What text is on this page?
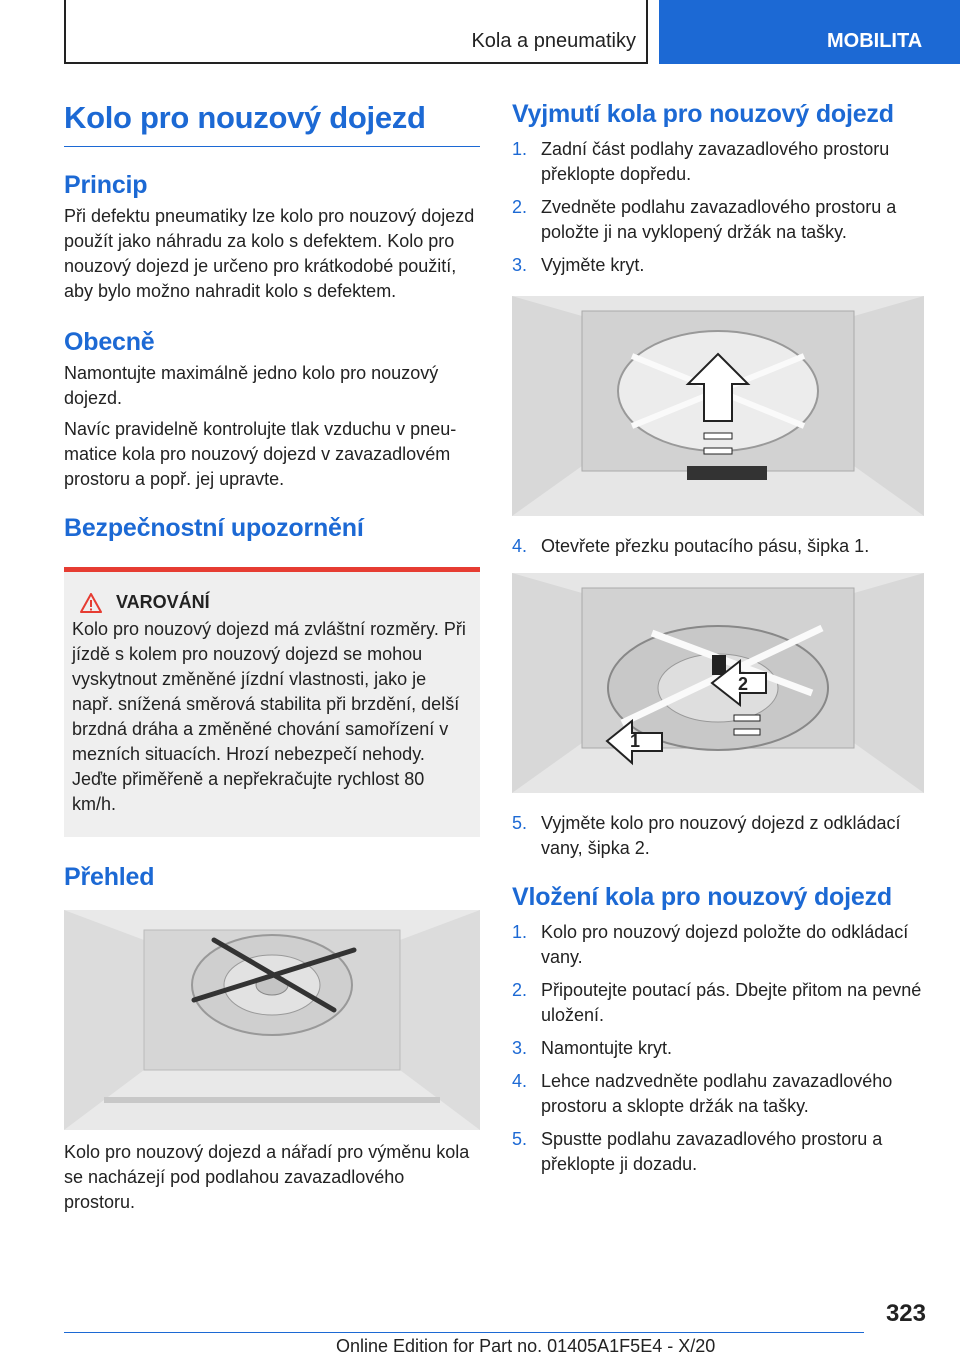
Kola a pneumatiky	MOBILITA
Kolo pro nouzový dojezd
Princip

Při defektu pneumatiky lze kolo pro nouzový dojezd použít jako náhradu za kolo s defektem. Kolo pro nouzový dojezd je určeno pro krátkodobé použití, aby bylo možno nahradit kolo s defektem.

Obecně

Namontujte maximálně jedno kolo pro nouzový dojezd.

Navíc pravidelně kontrolujte tlak vzduchu v pneumatice kola pro nouzový dojezd v zavazadlovém prostoru a popř. jej upravte.

Bezpečnostní upozornění
VAROVÁNÍ

Kolo pro nouzový dojezd má zvláštní rozměry. Při jízdě s kolem pro nouzový dojezd se mohou vyskytnout změněné jízdní vlastnosti, jako je např. snížená směrová stabilita při brzdění, delší brzdná dráha a změněné chování samořízení v mezních situacích. Hrozí nebezpečí nehody. Jeďte přiměřeně a nepřekračujte rychlost 80 km/h.

Přehled

Kolo pro nouzový dojezd a nářadí pro výměnu kola se nacházejí pod podlahou zavazadlového prostoru.

Vyjmutí kola pro nouzový dojezd
1. Zadní část podlahy zavazadlového prostoru překlopte dopředu.
2. Zvedněte podlahu zavazadlového prostoru a položte ji na vyklopený držák na tašky.
3. Vyjměte kryt.
4. Otevřete přezku poutacího pásu, šipka 1.
1
2
5. Vyjměte kolo pro nouzový dojezd z odkládací vany, šipka 2.
Vložení kola pro nouzový dojezd
1. Kolo pro nouzový dojezd položte do odkládací vany.
2. Připoutejte poutací pás. Dbejte přitom na pevné uložení.
3. Namontujte kryt.
4. Lehce nadzvedněte podlahu zavazadlového prostoru a sklopte držák na tašky.
5. Spustte podlahu zavazadlového prostoru a překlopte ji dozadu.
323
Online Edition for Part no. 01405A1F5E4 - X/20
